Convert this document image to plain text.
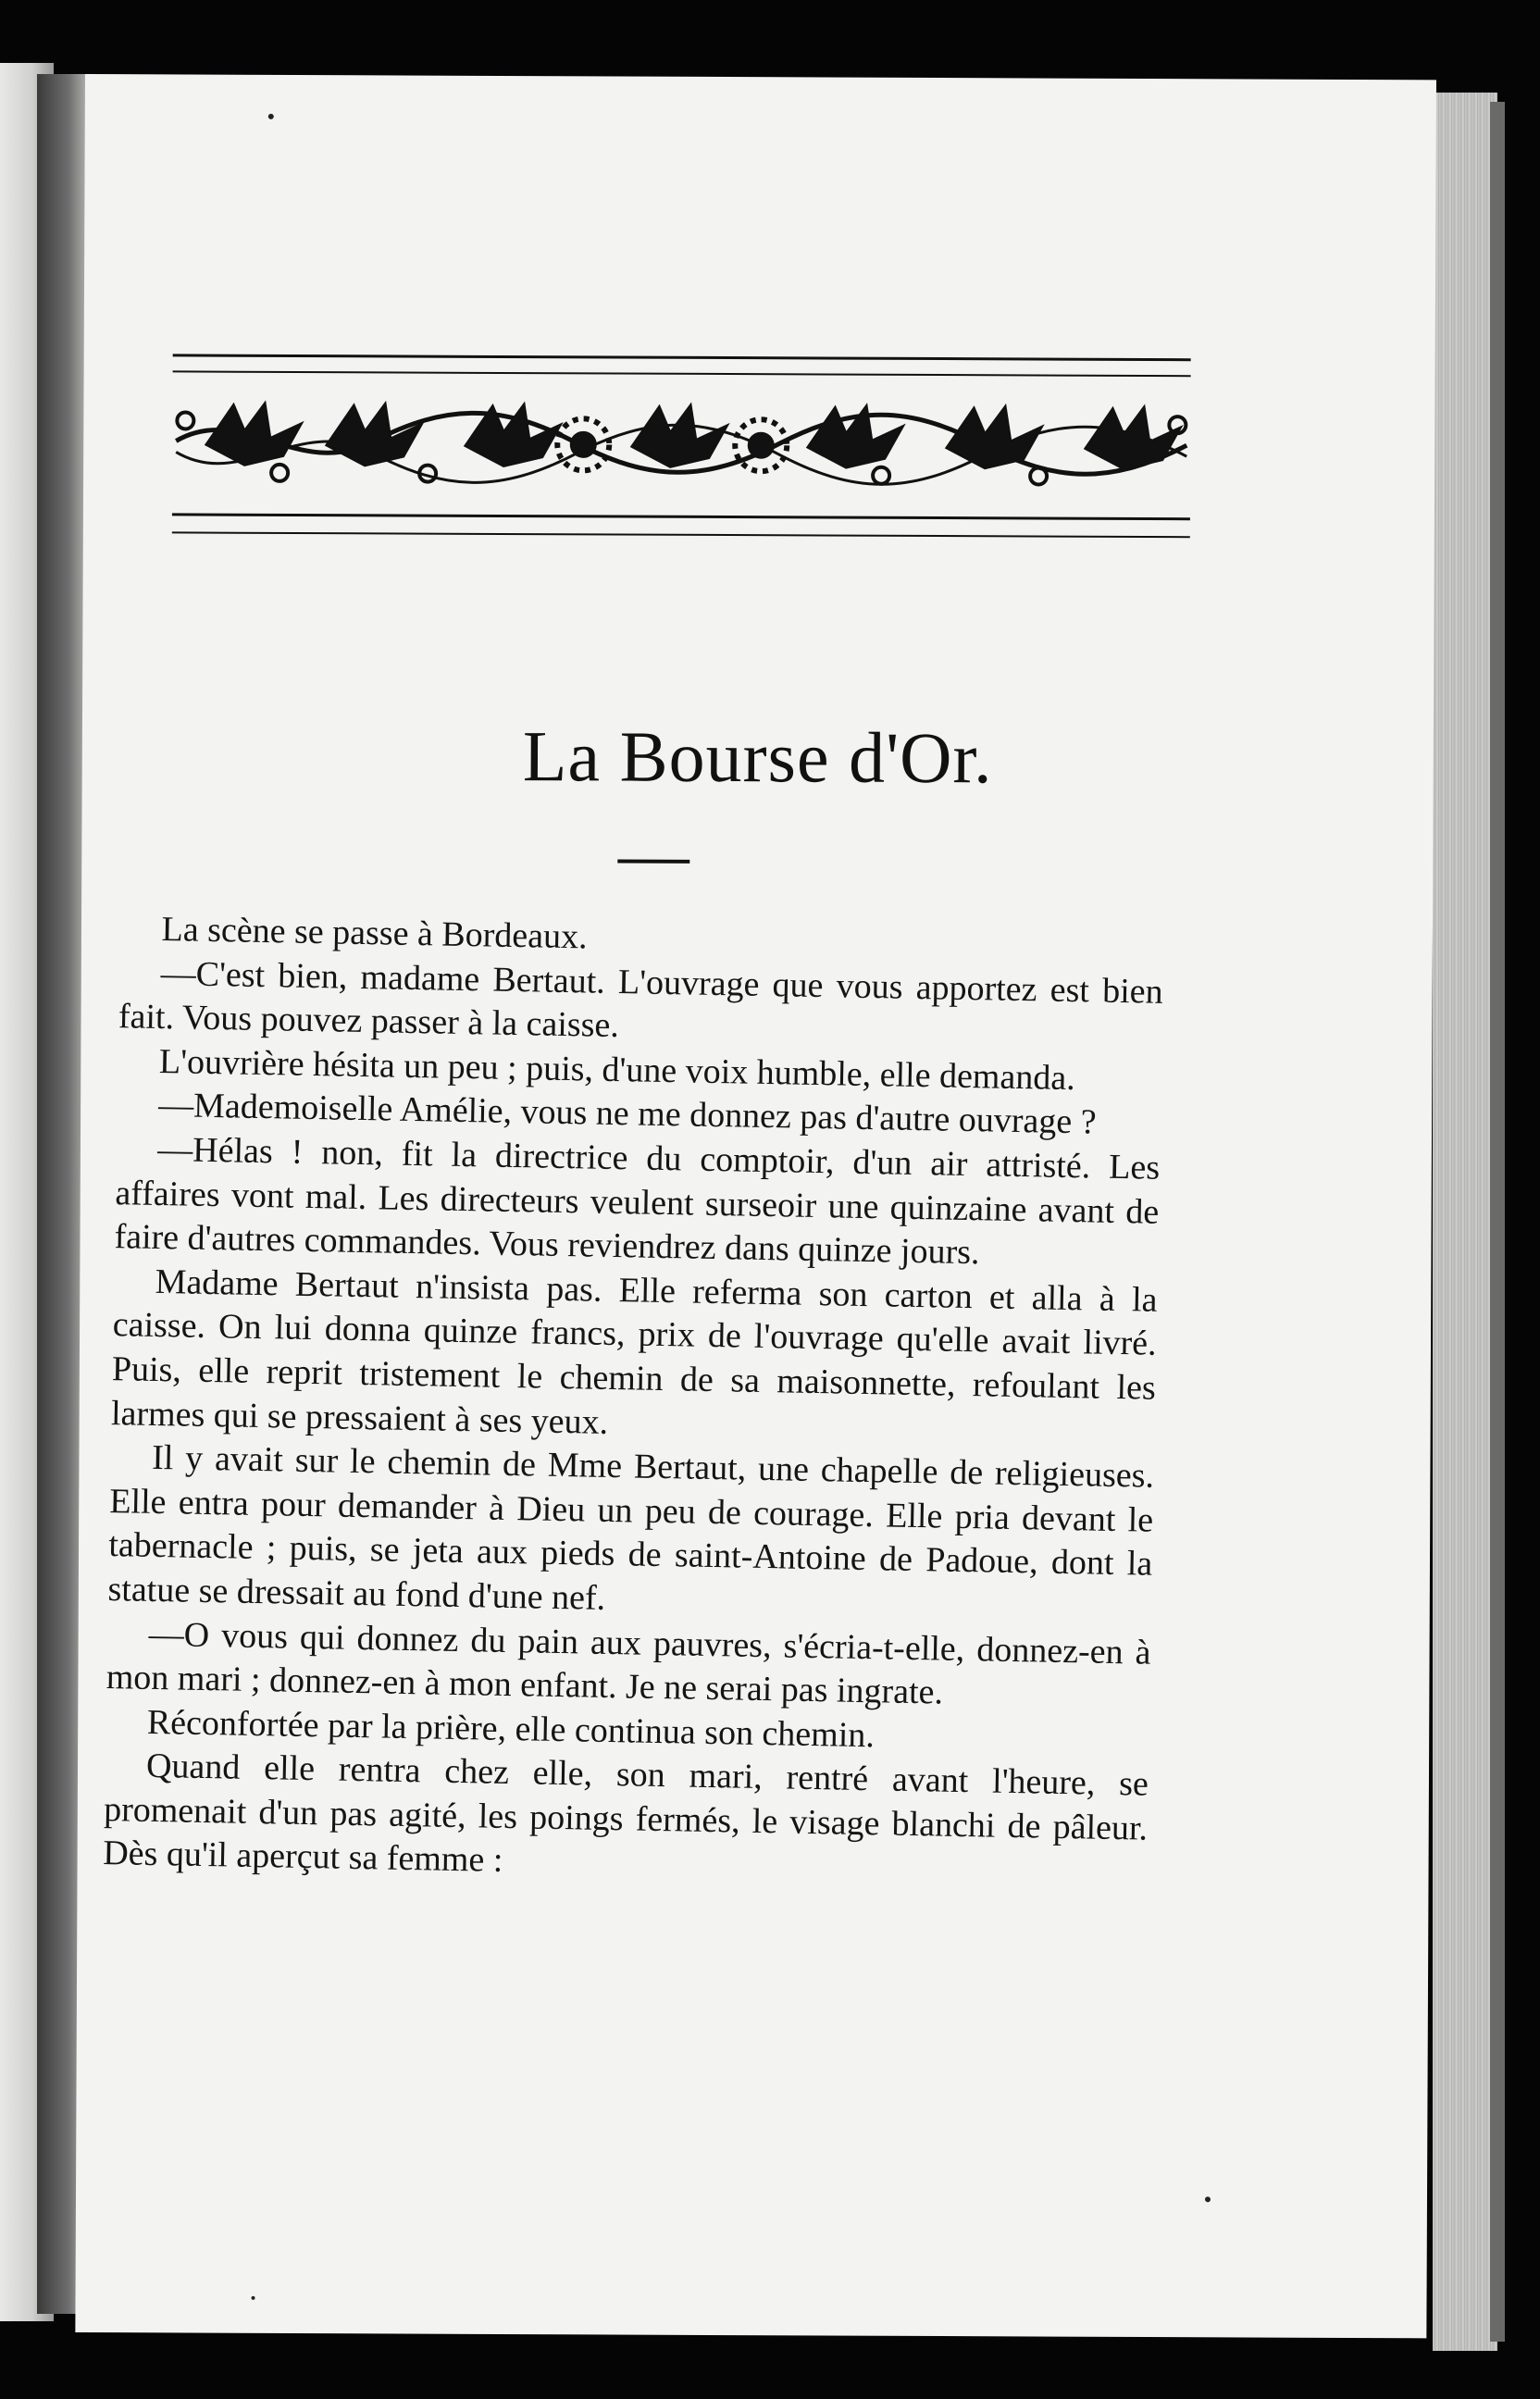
La Bourse d'Or.

La scène se passe à Bordeaux.

—C'est bien, madame Bertaut. L'ouvrage que vous apportez est bien fait. Vous pouvez passer à la caisse.

L'ouvrière hésita un peu ; puis, d'une voix humble, elle demanda.

—Mademoiselle Amélie, vous ne me donnez pas d'autre ouvrage ?

—Hélas ! non, fit la directrice du comptoir, d'un air attristé. Les affaires vont mal. Les directeurs veulent surseoir une quinzaine avant de faire d'autres commandes. Vous reviendrez dans quinze jours.

Madame Bertaut n'insista pas. Elle referma son carton et alla à la caisse. On lui donna quinze francs, prix de l'ouvrage qu'elle avait livré. Puis, elle reprit tristement le chemin de sa maisonnette, refoulant les larmes qui se pressaient à ses yeux.

Il y avait sur le chemin de Mme Bertaut, une chapelle de religieuses. Elle entra pour demander à Dieu un peu de courage. Elle pria devant le tabernacle ; puis, se jeta aux pieds de saint-Antoine de Padoue, dont la statue se dressait au fond d'une nef.

—O vous qui donnez du pain aux pauvres, s'écria-t-elle, donnez-en à mon mari ; donnez-en à mon enfant. Je ne serai pas ingrate.

Réconfortée par la prière, elle continua son chemin.

Quand elle rentra chez elle, son mari, rentré avant l'heure, se promenait d'un pas agité, les poings fermés, le visage blanchi de pâleur. Dès qu'il aperçut sa femme :
